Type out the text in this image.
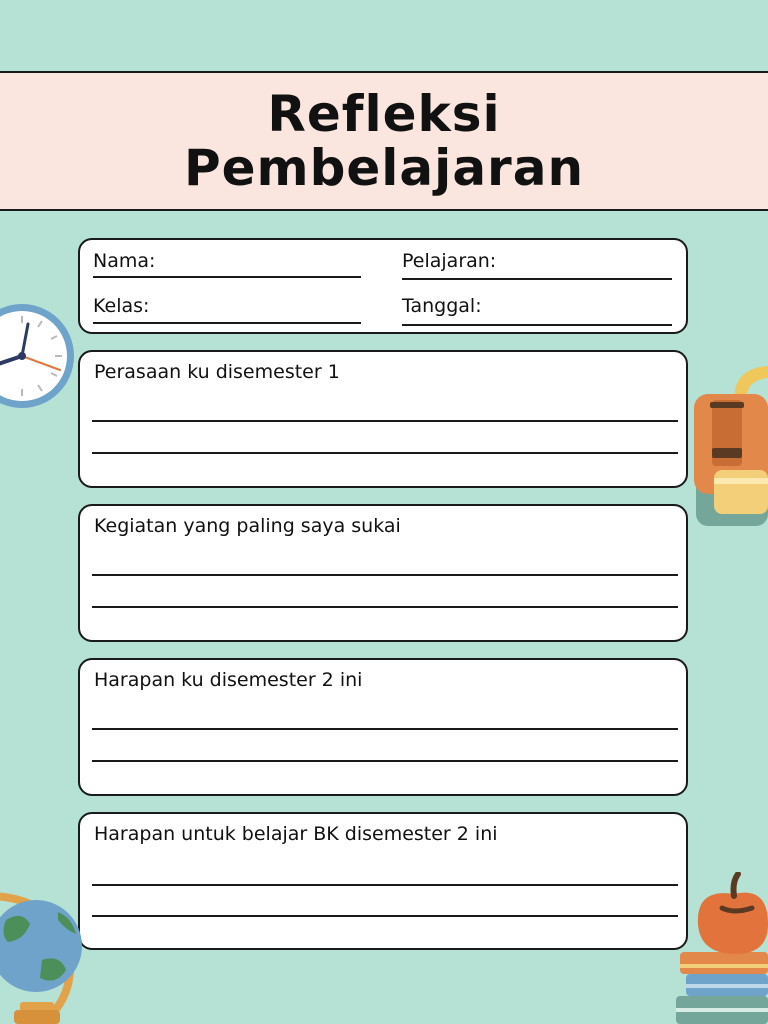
Refleksi
Pembelajaran
Nama:	Pelajaran:
Kelas:	Tanggal:
Perasaan ku disemester 1
Kegiatan yang paling saya sukai
Harapan ku disemester 2 ini
Harapan untuk belajar BK disemester 2 ini
